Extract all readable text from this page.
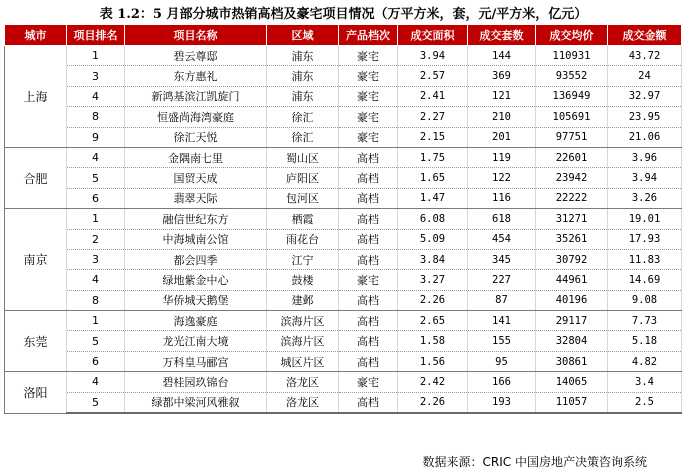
表 1.2：5 月部分城市热销高档及豪宅项目情况（万平方米，套，元/平方米，亿元）
城市	项目排名	项目名称	区域	产品档次	成交面积	成交套数	成交均价	成交金额
上海	1	碧云尊邸	浦东	豪宅	3.94	144	110931	43.72
	3	东方惠礼	浦东	豪宅	2.57	369	93552	24
	4	新鸿基滨江凯旋门	浦东	豪宅	2.41	121	136949	32.97
	8	恒盛尚海湾豪庭	徐汇	豪宅	2.27	210	105691	23.95
	9	徐汇天悦	徐汇	豪宅	2.15	201	97751	21.06
合肥	4	金隅南七里	蜀山区	高档	1.75	119	22601	3.96
	5	国贸天成	庐阳区	高档	1.65	122	23942	3.94
	6	翡翠天际	包河区	高档	1.47	116	22222	3.26
南京	1	融信世纪东方	栖霞	高档	6.08	618	31271	19.01
	2	中海城南公馆	雨花台	高档	5.09	454	35261	17.93
	3	都会四季	江宁	高档	3.84	345	30792	11.83
	4	绿地紫金中心	鼓楼	豪宅	3.27	227	44961	14.69
	8	华侨城天鹅堡	建邺	高档	2.26	87	40196	9.08
东莞	1	海逸豪庭	滨海片区	高档	2.65	141	29117	7.73
	5	龙光江南大境	滨海片区	高档	1.58	155	32804	5.18
	6	万科皇马郦宫	城区片区	高档	1.56	95	30861	4.82
洛阳	4	碧桂园玖锦台	洛龙区	豪宅	2.42	166	14065	3.4
	5	绿都中梁河风雅叙	洛龙区	高档	2.26	193	11057	2.5
数据来源：CRIC 中国房地产决策咨询系统
